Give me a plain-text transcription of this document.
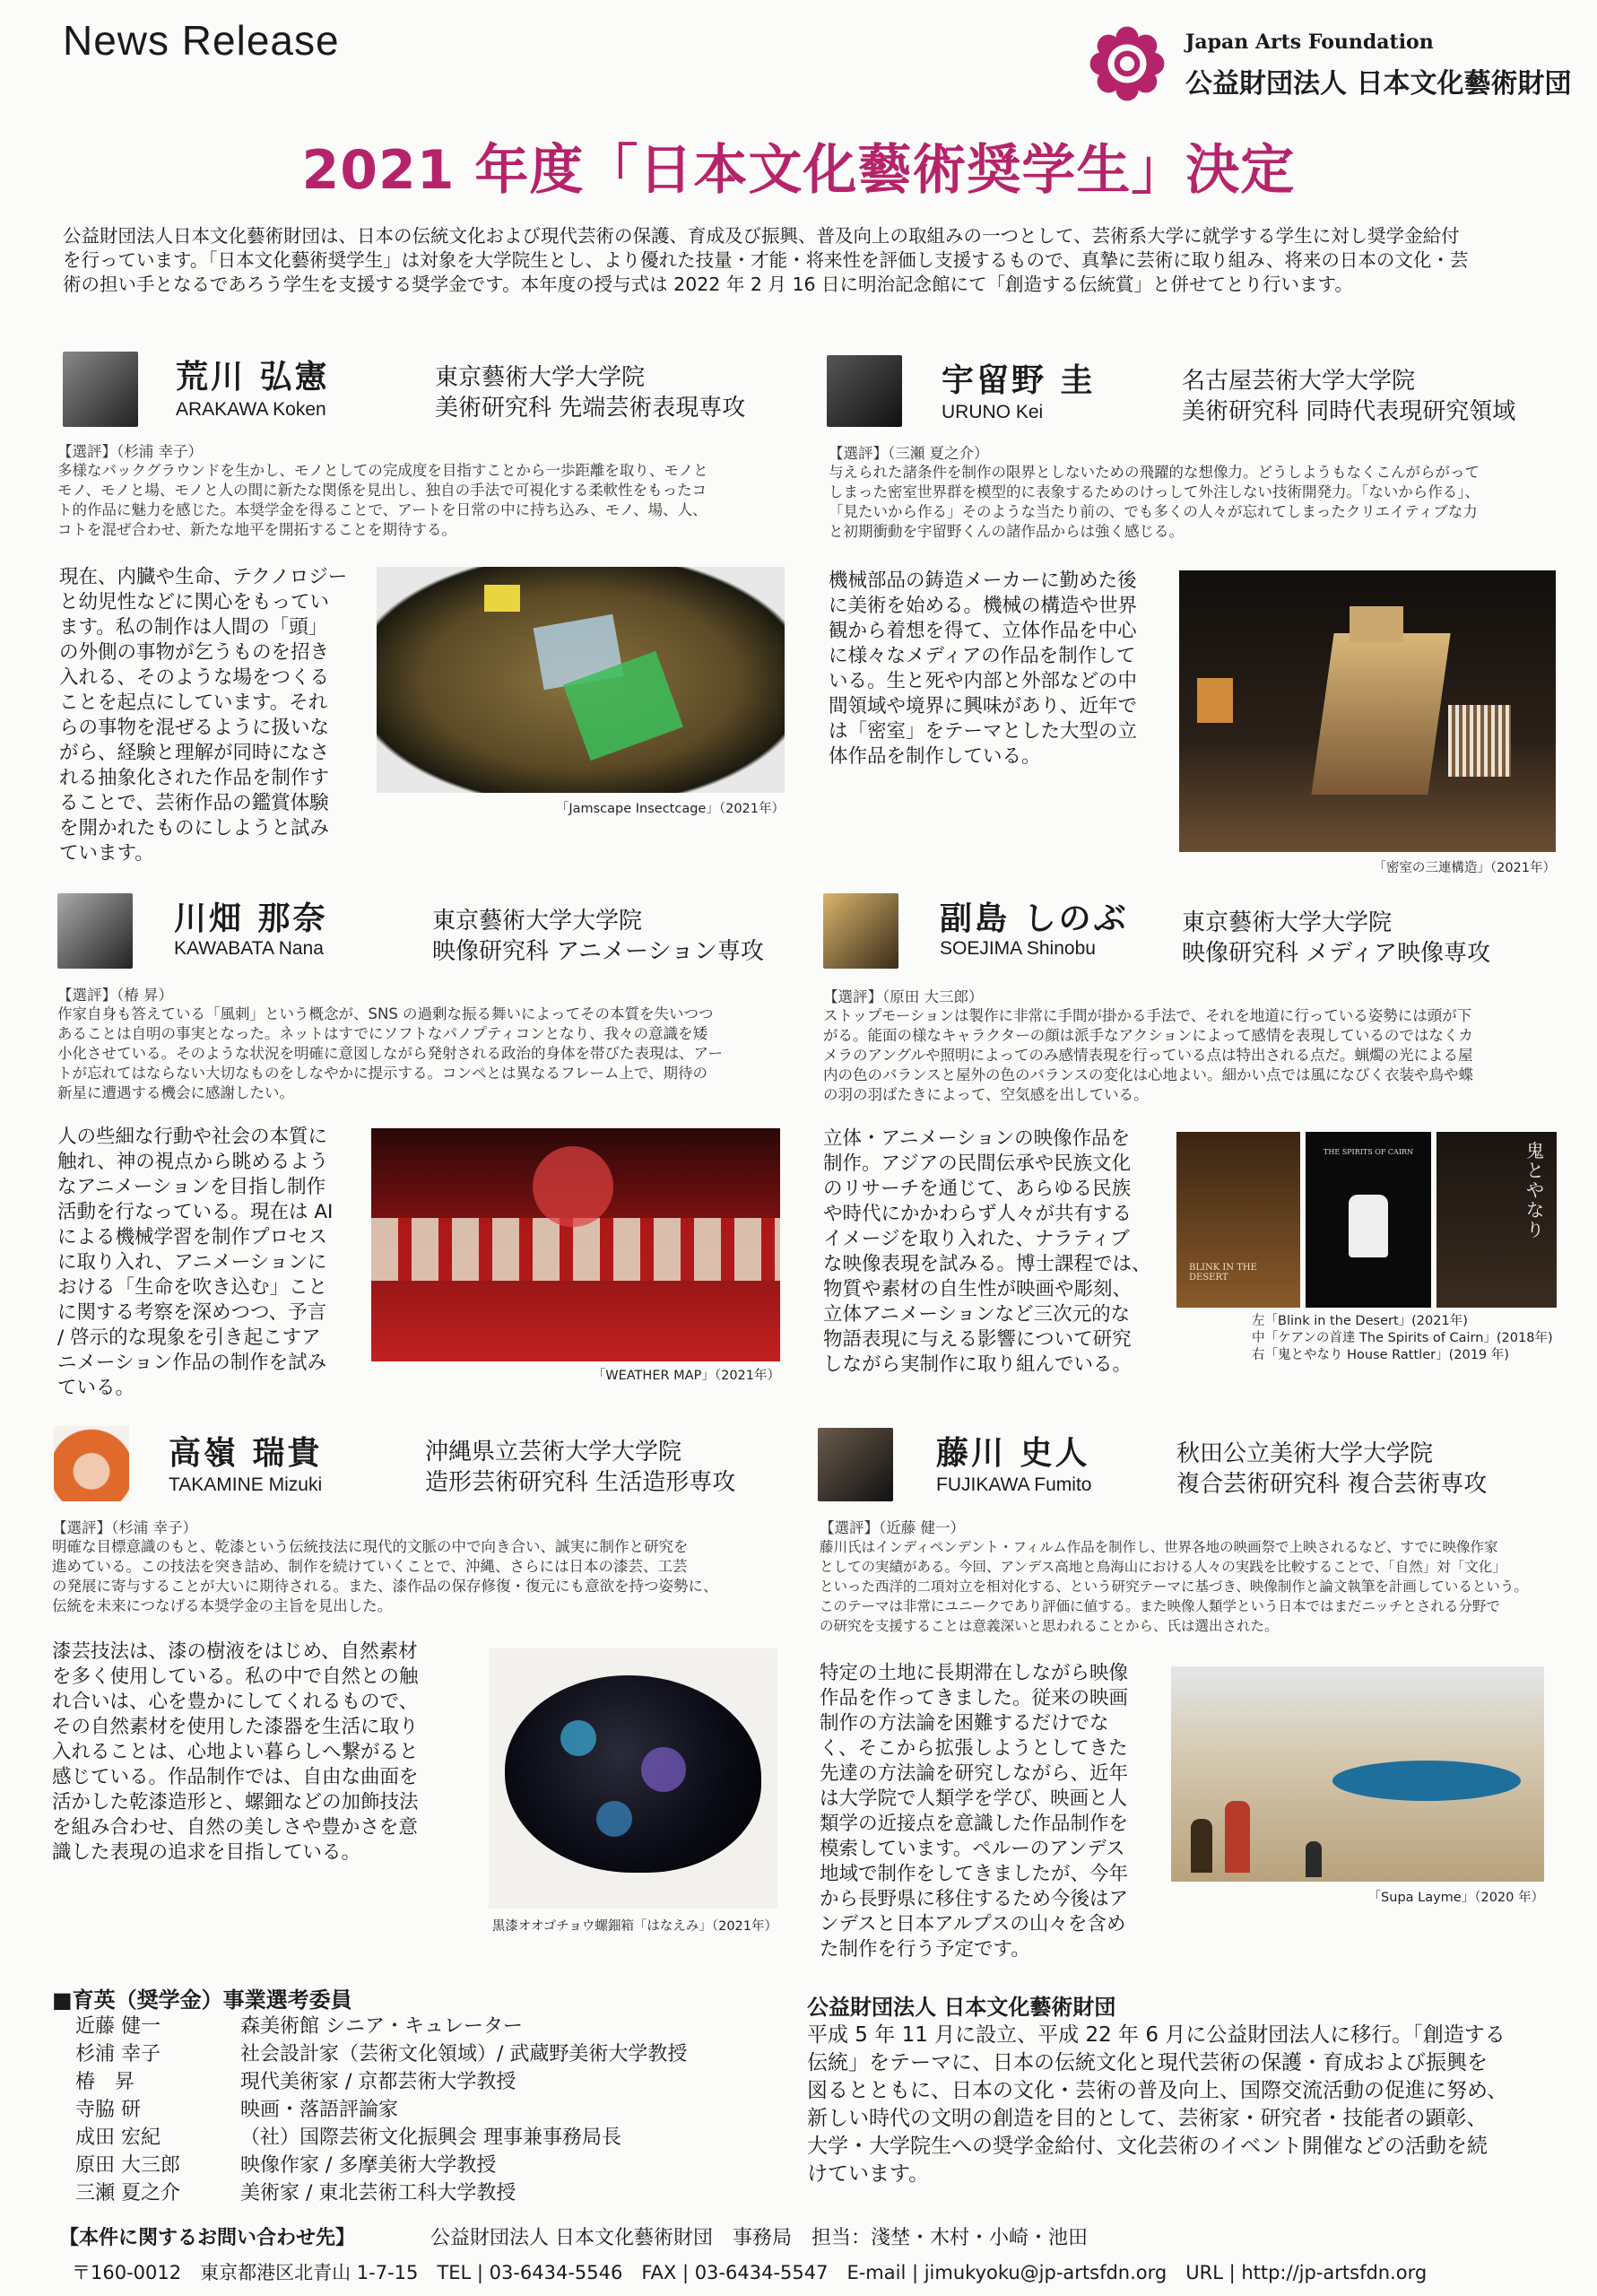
News Release	Japan Arts Foundation
公益財団法人 日本文化藝術財団
2021 年度「日本文化藝術奨学生」決定
公益財団法人日本文化藝術財団は、日本の伝統文化および現代芸術の保護、育成及び振興、普及向上の取組みの一つとして、芸術系大学に就学する学生に対し奨学金給付
を行っています。「日本文化藝術奨学生」は対象を大学院生とし、より優れた技量・才能・将来性を評価し支援するもので、真摯に芸術に取り組み、将来の日本の文化・芸
術の担い手となるであろう学生を支援する奨学金です。本年度の授与式は 2022 年 2 月 16 日に明治記念館にて「創造する伝統賞」と併せてとり行います。
荒川 弘憲
ARAKAWA Koken
東京藝術大学大学院
美術研究科 先端芸術表現専攻
【選評】（杉浦 幸子）
多様なバックグラウンドを生かし、モノとしての完成度を目指すことから一歩距離を取り、モノと
モノ、モノと場、モノと人の間に新たな関係を見出し、独自の手法で可視化する柔軟性をもったコ
ト的作品に魅力を感じた。本奨学金を得ることで、アートを日常の中に持ち込み、モノ、場、人、
コトを混ぜ合わせ、新たな地平を開拓することを期待する。
現在、内臓や生命、テクノロジー
と幼児性などに関心をもってい
ます。私の制作は人間の「頭」
の外側の事物が乞うものを招き
入れる、そのような場をつくる
ことを起点にしています。それ
らの事物を混ぜるように扱いな
がら、経験と理解が同時になさ
れる抽象化された作品を制作す
ることで、芸術作品の鑑賞体験
を開かれたものにしようと試み
ています。
「Jamscape Insectcage」（2021年）
宇留野 圭
URUNO Kei
名古屋芸術大学大学院
美術研究科 同時代表現研究領域
【選評】（三瀬 夏之介）
与えられた諸条件を制作の限界としないための飛躍的な想像力。どうしようもなくこんがらがって
しまった密室世界群を模型的に表象するためのけっして外注しない技術開発力。「ないから作る」、
「見たいから作る」そのような当たり前の、でも多くの人々が忘れてしまったクリエイティブな力
と初期衝動を宇留野くんの諸作品からは強く感じる。
機械部品の鋳造メーカーに勤めた後
に美術を始める。機械の構造や世界
観から着想を得て、立体作品を中心
に様々なメディアの作品を制作して
いる。生と死や内部と外部などの中
間領域や境界に興味があり、近年で
は「密室」をテーマとした大型の立
体作品を制作している。
「密室の三連構造」（2021年）
川畑 那奈
KAWABATA Nana
東京藝術大学大学院
映像研究科 アニメーション専攻
【選評】（椿 昇）
作家自身も答えている「風刺」という概念が、SNS の過剰な振る舞いによってその本質を失いつつ
あることは自明の事実となった。ネットはすでにソフトなパノプティコンとなり、我々の意識を矮
小化させている。そのような状況を明確に意図しながら発射される政治的身体を帯びた表現は、アー
トが忘れてはならない大切なものをしなやかに提示する。コンペとは異なるフレーム上で、期待の
新星に遭遇する機会に感謝したい。
人の些細な行動や社会の本質に
触れ、神の視点から眺めるよう
なアニメーションを目指し制作
活動を行なっている。現在は AI
による機械学習を制作プロセス
に取り入れ、アニメーションに
おける「生命を吹き込む」こと
に関する考察を深めつつ、予言
/ 啓示的な現象を引き起こすア
ニメーション作品の制作を試み
ている。
「WEATHER MAP」（2021年）
副島 しのぶ
SOEJIMA Shinobu
東京藝術大学大学院
映像研究科 メディア映像専攻
【選評】（原田 大三郎）
ストップモーションは製作に非常に手間が掛かる手法で、それを地道に行っている姿勢には頭が下
がる。能面の様なキャラクターの顔は派手なアクションによって感情を表現しているのではなくカ
メラのアングルや照明によってのみ感情表現を行っている点は特出される点だ。蝋燭の光による屋
内の色のバランスと屋外の色のバランスの変化は心地よい。細かい点では風になびく衣装や鳥や蝶
の羽の羽ばたきによって、空気感を出している。
立体・アニメーションの映像作品を
制作。アジアの民間伝承や民族文化
のリサーチを通じて、あらゆる民族
や時代にかかわらず人々が共有する
イメージを取り入れた、ナラティブ
な映像表現を試みる。博士課程では、
物質や素材の自生性が映画や彫刻、
立体アニメーションなど三次元的な
物語表現に与える影響について研究
しながら実制作に取り組んでいる。
BLINK IN THE DESERT
THE SPIRITS OF CAIRN	鬼とやなり
左「Blink in the Desert」(2021年)
中「ケアンの首達 The Spirits of Cairn」(2018年)
右「鬼とやなり House Rattler」(2019 年)
高嶺 瑞貴
TAKAMINE Mizuki
沖縄県立芸術大学大学院
造形芸術研究科 生活造形専攻
【選評】（杉浦 幸子）
明確な目標意識のもと、乾漆という伝統技法に現代的文脈の中で向き合い、誠実に制作と研究を
進めている。この技法を突き詰め、制作を続けていくことで、沖縄、さらには日本の漆芸、工芸
の発展に寄与することが大いに期待される。また、漆作品の保存修復・復元にも意欲を持つ姿勢に、
伝統を未来につなげる本奨学金の主旨を見出した。
漆芸技法は、漆の樹液をはじめ、自然素材
を多く使用している。私の中で自然との触
れ合いは、心を豊かにしてくれるもので、
その自然素材を使用した漆器を生活に取り
入れることは、心地よい暮らしへ繋がると
感じている。作品制作では、自由な曲面を
活かした乾漆造形と、螺鈿などの加飾技法
を組み合わせ、自然の美しさや豊かさを意
識した表現の追求を目指している。
黒漆オオゴチョウ螺鈿箱「はなえみ」（2021年）
藤川 史人
FUJIKAWA Fumito
秋田公立美術大学大学院
複合芸術研究科 複合芸術専攻
【選評】（近藤 健一）
藤川氏はインディペンデント・フィルム作品を制作し、世界各地の映画祭で上映されるなど、すでに映像作家
としての実績がある。今回、アンデス高地と鳥海山における人々の実践を比較することで、「自然」対「文化」
といった西洋的二項対立を相対化する、という研究テーマに基づき、映像制作と論文執筆を計画しているという。
このテーマは非常にユニークであり評価に値する。また映像人類学という日本ではまだニッチとされる分野で
の研究を支援することは意義深いと思われることから、氏は選出された。
特定の土地に長期滞在しながら映像
作品を作ってきました。従来の映画
制作の方法論を困難するだけでな
く、そこから拡張しようとしてきた
先達の方法論を研究しながら、近年
は大学院で人類学を学び、映画と人
類学の近接点を意識した作品制作を
模索しています。ペルーのアンデス
地域で制作をしてきましたが、今年
から長野県に移住するため今後はア
ンデスと日本アルプスの山々を含め
た制作を行う予定です。
「Supa Layme」（2020 年）
■育英（奨学金）事業選考委員
近藤 健一	森美術館 シニア・キュレーター
杉浦 幸子	社会設計家（芸術文化領域）/ 武蔵野美術大学教授
椿　昇	現代美術家 / 京都芸術大学教授
寺脇 研	映画・落語評論家
成田 宏紀	（社）国際芸術文化振興会 理事兼事務局長
原田 大三郎	映像作家 / 多摩美術大学教授
三瀬 夏之介	美術家 / 東北芸術工科大学教授
公益財団法人 日本文化藝術財団
平成 5 年 11 月に設立、平成 22 年 6 月に公益財団法人に移行。「創造する
伝統」をテーマに、日本の伝統文化と現代芸術の保護・育成および振興を
図るとともに、日本の文化・芸術の普及向上、国際交流活動の促進に努め、
新しい時代の文明の創造を目的として、芸術家・研究者・技能者の顕彰、
大学・大学院生への奨学金給付、文化芸術のイベント開催などの活動を続
けています。
【本件に関するお問い合わせ先】	公益財団法人 日本文化藝術財団　事務局　担当：淺埜・木村・小崎・池田
〒160-0012　東京都港区北青山 1-7-15　TEL | 03-6434-5546　FAX | 03-6434-5547　E-mail | jimukyoku@jp-artsfdn.org　URL | http://jp-artsfdn.org
